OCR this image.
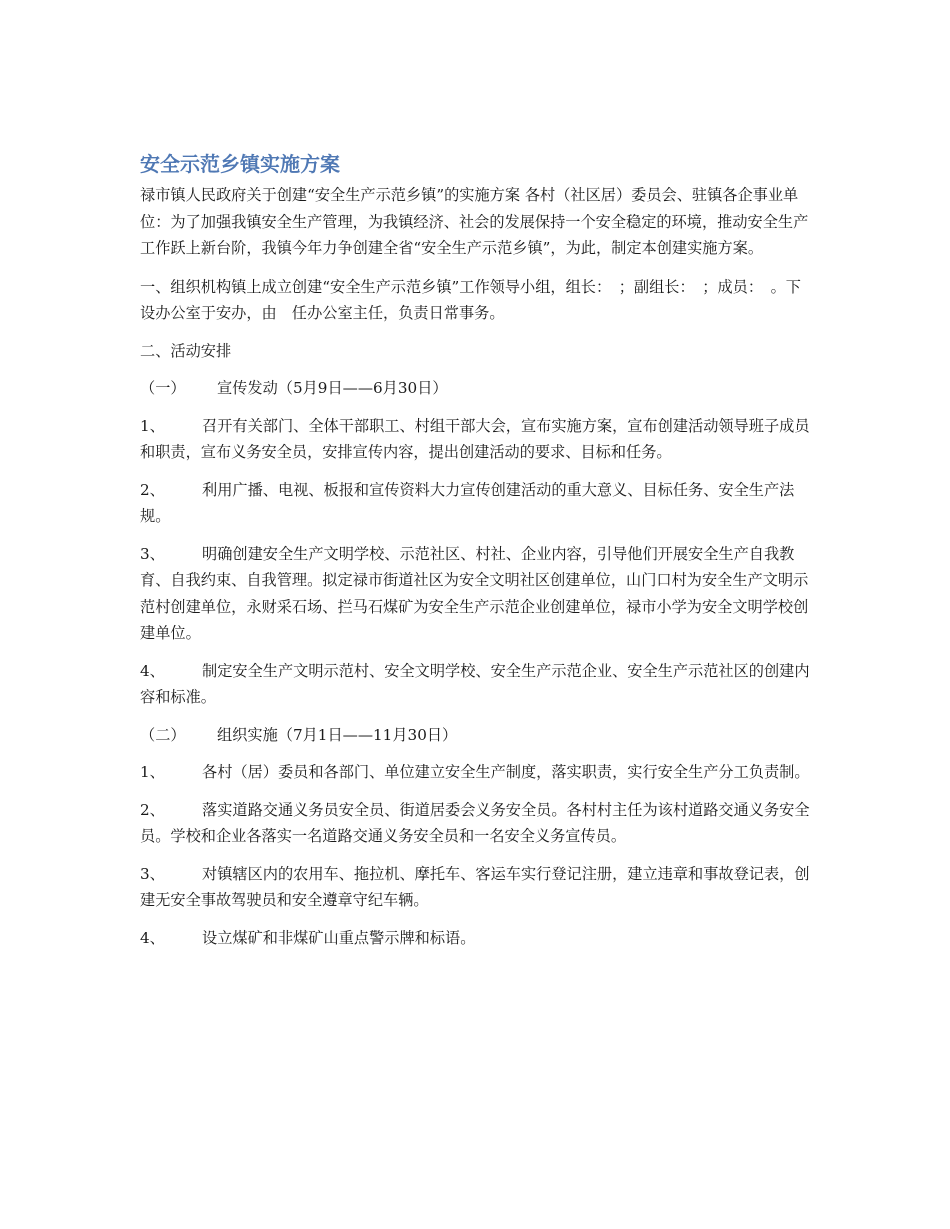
安全示范乡镇实施方案

禄市镇人民政府关于创建“安全生产示范乡镇”的实施方案 各村（社区居）委员会、驻镇各企事业单位：为了加强我镇安全生产管理，为我镇经济、社会的发展保持一个安全稳定的环境，推动安全生产工作跃上新台阶，我镇今年力争创建全省“安全生产示范乡镇”，为此，制定本创建实施方案。

一、组织机构镇上成立创建“安全生产示范乡镇”工作领导小组，组长：　；副组长：　；成员：　。下设办公室于安办，由　任办公室主任，负责日常事务。

二、活动安排

（一） 宣传发动（5月9日——6月30日）

1、 召开有关部门、全体干部职工、村组干部大会，宣布实施方案，宣布创建活动领导班子成员和职责，宣布义务安全员，安排宣传内容，提出创建活动的要求、目标和任务。

2、 利用广播、电视、板报和宣传资料大力宣传创建活动的重大意义、目标任务、安全生产法规。

3、 明确创建安全生产文明学校、示范社区、村社、企业内容，引导他们开展安全生产自我教育、自我约束、自我管理。拟定禄市街道社区为安全文明社区创建单位，山门口村为安全生产文明示范村创建单位，永财采石场、拦马石煤矿为安全生产示范企业创建单位，禄市小学为安全文明学校创建单位。

4、 制定安全生产文明示范村、安全文明学校、安全生产示范企业、安全生产示范社区的创建内容和标准。

（二） 组织实施（7月1日——11月30日）

1、 各村（居）委员和各部门、单位建立安全生产制度，落实职责，实行安全生产分工负责制。

2、 落实道路交通义务员安全员、街道居委会义务安全员。各村村主任为该村道路交通义务安全员。学校和企业各落实一名道路交通义务安全员和一名安全义务宣传员。

3、 对镇辖区内的农用车、拖拉机、摩托车、客运车实行登记注册，建立违章和事故登记表，创建无安全事故驾驶员和安全遵章守纪车辆。

4、 设立煤矿和非煤矿山重点警示牌和标语。
